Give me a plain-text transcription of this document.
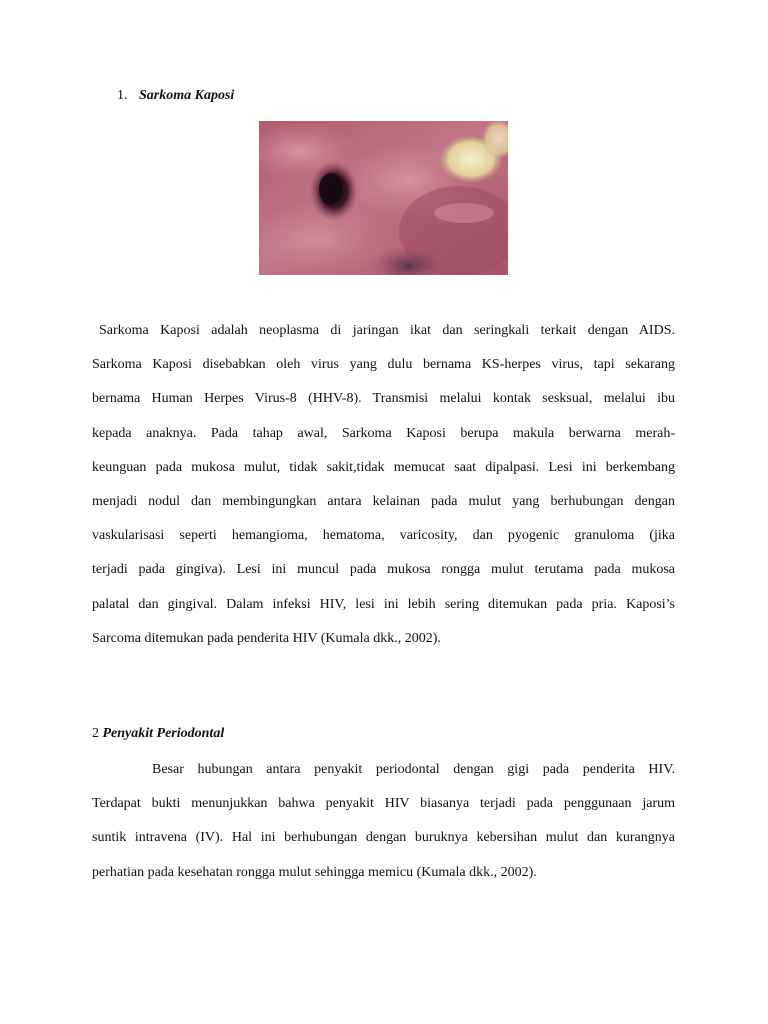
1. Sarkoma Kaposi
Sarkoma Kaposi adalah neoplasma di jaringan ikat dan seringkali terkait dengan AIDS.
Sarkoma Kaposi disebabkan oleh virus yang dulu bernama KS-herpes virus, tapi sekarang
bernama Human Herpes Virus-8 (HHV-8). Transmisi melalui kontak sesksual, melalui ibu
kepada anaknya. Pada tahap awal, Sarkoma Kaposi berupa makula berwarna merah-
keunguan pada mukosa mulut, tidak sakit,tidak memucat saat dipalpasi. Lesi ini berkembang
menjadi nodul dan membingungkan antara kelainan pada mulut yang berhubungan dengan
vaskularisasi seperti hemangioma, hematoma, varicosity, dan pyogenic granuloma (jika
terjadi pada gingiva). Lesi ini muncul pada mukosa rongga mulut terutama pada mukosa
palatal dan gingival. Dalam infeksi HIV, lesi ini lebih sering ditemukan pada pria. Kaposi’s
Sarcoma ditemukan pada penderita HIV (Kumala dkk., 2002).
2 Penyakit Periodontal
Besar hubungan antara penyakit periodontal dengan gigi pada penderita HIV.
Terdapat bukti menunjukkan bahwa penyakit HIV biasanya terjadi pada penggunaan jarum
suntik intravena (IV). Hal ini berhubungan dengan buruknya kebersihan mulut dan kurangnya
perhatian pada kesehatan rongga mulut sehingga memicu (Kumala dkk., 2002).
